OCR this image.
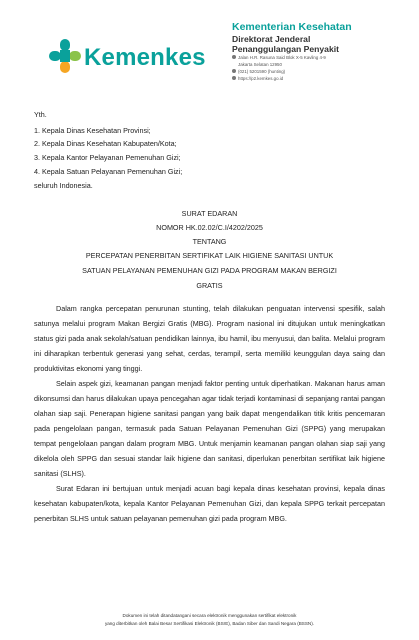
Kemenkes
Kementerian Kesehatan
Direktorat Jenderal
Penanggulangan Penyakit
Jalan H.R. Rasuna Said Blok X-5 Kavling 4-9
Jakarta Selatan 12950
(021) 5201590 (hunting)
https://p2.kemkes.go.id
Yth.
1. Kepala Dinas Kesehatan Provinsi;
2. Kepala Dinas Kesehatan Kabupaten/Kota;
3. Kepala Kantor Pelayanan Pemenuhan Gizi;
4. Kepala Satuan Pelayanan Pemenuhan Gizi;
seluruh Indonesia.
SURAT EDARAN
NOMOR HK.02.02/C.I/4202/2025
TENTANG
PERCEPATAN PENERBITAN SERTIFIKAT LAIK HIGIENE SANITASI UNTUK
SATUAN PELAYANAN PEMENUHAN GIZI PADA PROGRAM MAKAN BERGIZI
GRATIS

Dalam rangka percepatan penurunan stunting, telah dilakukan penguatan intervensi spesifik, salah satunya melalui program Makan Bergizi Gratis (MBG). Program nasional ini ditujukan untuk meningkatkan status gizi pada anak sekolah/satuan pendidikan lainnya, ibu hamil, ibu menyusui, dan balita. Melalui program ini diharapkan terbentuk generasi yang sehat, cerdas, terampil, serta memiliki keunggulan daya saing dan produktivitas ekonomi yang tinggi.

Selain aspek gizi, keamanan pangan menjadi faktor penting untuk diperhatikan. Makanan harus aman dikonsumsi dan harus dilakukan upaya pencegahan agar tidak terjadi kontaminasi di sepanjang rantai pangan olahan siap saji. Penerapan higiene sanitasi pangan yang baik dapat mengendalikan titik kritis pencemaran pada pengelolaan pangan, termasuk pada Satuan Pelayanan Pemenuhan Gizi (SPPG) yang merupakan tempat pengelolaan pangan dalam program MBG. Untuk menjamin keamanan pangan olahan siap saji yang dikelola oleh SPPG dan sesuai standar laik higiene dan sanitasi, diperlukan penerbitan sertifikat laik higiene sanitasi (SLHS).

Surat Edaran ini bertujuan untuk menjadi acuan bagi kepala dinas kesehatan provinsi, kepala dinas kesehatan kabupaten/kota, kepala Kantor Pelayanan Pemenuhan Gizi, dan kepala SPPG terkait percepatan penerbitan SLHS untuk satuan pelayanan pemenuhan gizi pada program MBG.

Dokumen ini telah ditandatangani secara elektronik menggunakan sertifikat elektronik
yang diterbitkan oleh Balai Besar Sertifikasi Elektronik (BSrE), Badan Siber dan Sandi Negara (BSSN).
